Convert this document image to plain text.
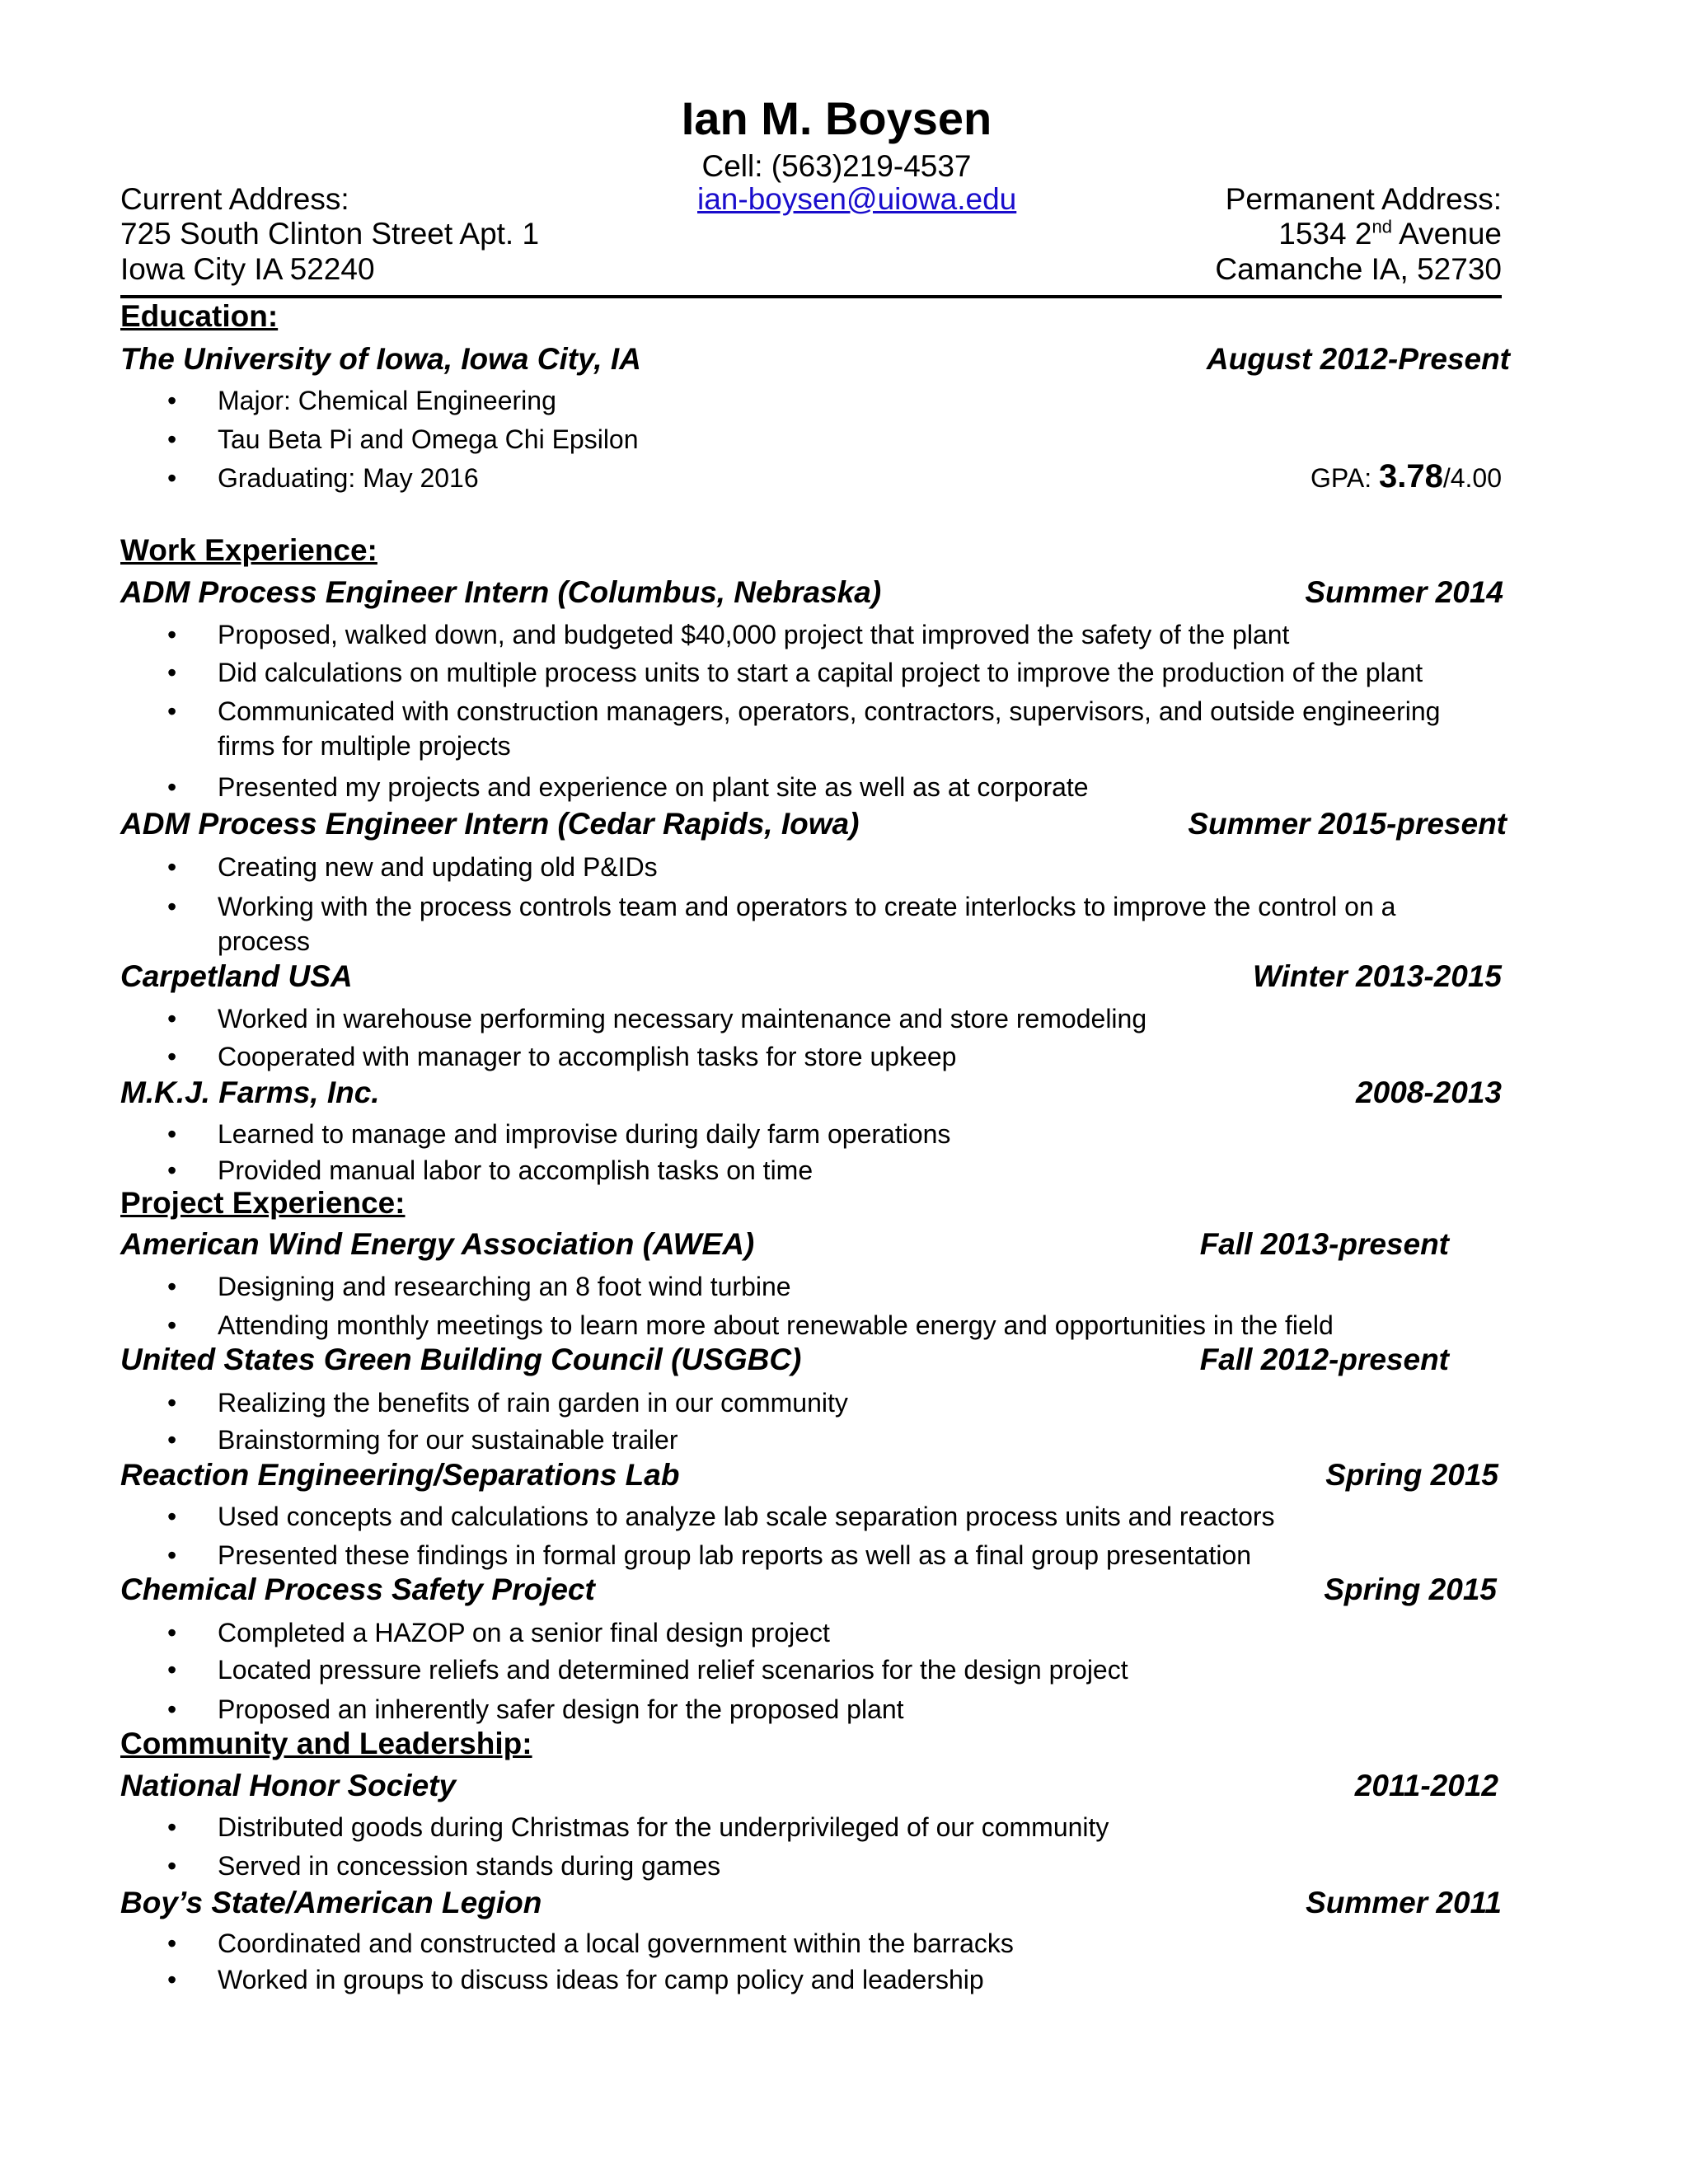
Ian M. Boysen
Cell: (563)219-4537
ian-boysen@uiowa.edu
Current Address:
725 South Clinton Street Apt. 1
Iowa City IA 52240
Permanent Address:
1534 2nd Avenue
Camanche IA, 52730
Education:
The University of Iowa, Iowa City, IA	August 2012-Present
• Major: Chemical Engineering
• Tau Beta Pi and Omega Chi Epsilon
• Graduating: May 2016	GPA: 3.78/4.00
Work Experience:
ADM Process Engineer Intern (Columbus, Nebraska)	Summer 2014
• Proposed, walked down, and budgeted $40,000 project that improved the safety of the plant
• Did calculations on multiple process units to start a capital project to improve the production of the plant
• Communicated with construction managers, operators, contractors, supervisors, and outside engineering
firms for multiple projects
• Presented my projects and experience on plant site as well as at corporate
ADM Process Engineer Intern (Cedar Rapids, Iowa)	Summer 2015-present
• Creating new and updating old P&IDs
• Working with the process controls team and operators to create interlocks to improve the control on a
process
Carpetland USA	Winter 2013-2015
• Worked in warehouse performing necessary maintenance and store remodeling
• Cooperated with manager to accomplish tasks for store upkeep
M.K.J. Farms, Inc.	2008-2013
• Learned to manage and improvise during daily farm operations
• Provided manual labor to accomplish tasks on time
Project Experience:
American Wind Energy Association (AWEA)	Fall 2013-present
• Designing and researching an 8 foot wind turbine
• Attending monthly meetings to learn more about renewable energy and opportunities in the field
United States Green Building Council (USGBC)	Fall 2012-present
• Realizing the benefits of rain garden in our community
• Brainstorming for our sustainable trailer
Reaction Engineering/Separations Lab	Spring 2015
• Used concepts and calculations to analyze lab scale separation process units and reactors
• Presented these findings in formal group lab reports as well as a final group presentation
Chemical Process Safety Project	Spring 2015
• Completed a HAZOP on a senior final design project
• Located pressure reliefs and determined relief scenarios for the design project
• Proposed an inherently safer design for the proposed plant
Community and Leadership:
National Honor Society	2011-2012
• Distributed goods during Christmas for the underprivileged of our community
• Served in concession stands during games
Boy’s State/American Legion	Summer 2011
• Coordinated and constructed a local government within the barracks
• Worked in groups to discuss ideas for camp policy and leadership
